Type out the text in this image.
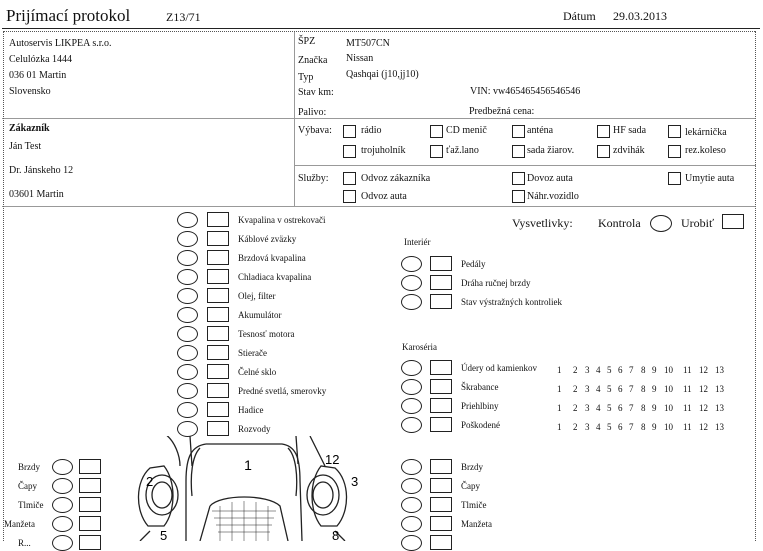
Prijímací protokol	Z13/71	Dátum 29.03.2013
Autoservis LIKPEA s.r.o.
Celulózka 1444
036 01 Martin
Slovensko
ŠPZ	MT507CN
Značka Nissan
Typ	Qashqai (j10,jj10)
Stav km:	VIN: vw465465456546546
Palivo:	Predbežná cena:
Zákazník
Ján Test
Dr. Jánskeho 12
03601 Martin
Výbava:	rádio	CD menič	anténa	HF sada	lekárnička
trojuholník	ťaž.lano	sada žiarov.	zdvihák	rez.koleso
Služby:	Odvoz zákazníka	Dovoz auta	Umytie auta
Odvoz auta	Náhr.vozidlo
Vysvetlivky: Kontrola	Urobiť
Kvapalina v ostrekovači
Káblové zväzky
Brzdová kvapalina
Chladiaca kvapalina
Olej, filter
Akumulátor
Tesnosť motora
Stierače
Čelné sklo
Predné svetlá, smerovky
Hadice
Rozvody
Interiér
Pedály
Dráha ručnej brzdy
Stav výstražných kontroliek
Karoséria
Údery od kamienkov 1 2 3 4 5 6 7 8 9 10 11 12 13
Škrabance	1 2 3 4 5 6 7 8 9 10 11 12 13
Priehlbiny	1 2 3 4 5 6 7 8 9 10 11 12 13
Poškodené	1 2 3 4 5 6 7 8 9 10 11 12 13
Brzdy
Čapy
Tlmiče
Manžeta
R...
Brzdy
Čapy
Tlmiče
Manžeta
1
2	3
5	8
12
